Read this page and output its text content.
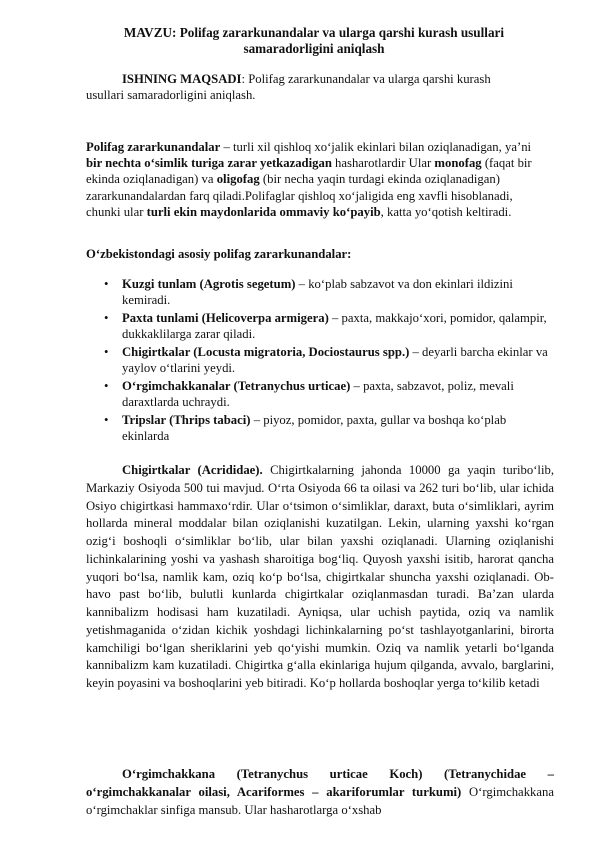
MAVZU: Polifag zararkunandalar va ularga qarshi kurash usullari
samaradorligini aniqlash
ISHNING MAQSADI: Polifag zararkunandalar va ularga qarshi kurash usullari samaradorligini aniqlash.
Polifag zararkunandalar – turli xil qishloq xo‘jalik ekinlari bilan oziqlanadigan, ya’ni bir nechta o‘simlik turiga zarar yetkazadigan hasharotlardir Ular monofag (faqat bir ekinda oziqlanadigan) va oligofag (bir necha yaqin turdagi ekinda oziqlanadigan) zararkunandalardan farq qiladi.Polifaglar qishloq xo‘jaligida eng xavfli hisoblanadi, chunki ular turli ekin maydonlarida ommaviy ko‘payib, katta yo‘qotish keltiradi.
O‘zbekistondagi asosiy polifag zararkunandalar:
• Kuzgi tunlam (Agrotis segetum) – ko‘plab sabzavot va don ekinlari ildizini kemiradi.
• Paxta tunlami (Helicoverpa armigera) – paxta, makkajo‘xori, pomidor, qalampir, dukkaklilarga zarar qiladi.
• Chigirtkalar (Locusta migratoria, Dociostaurus spp.) – deyarli barcha ekinlar va yaylov o‘tlarini yeydi.
• O‘rgimchakkanalar (Tetranychus urticae) – paxta, sabzavot, poliz, mevali daraxtlarda uchraydi.
• Tripslar (Thrips tabaci) – piyoz, pomidor, paxta, gullar va boshqa ko‘plab ekinlarda
Chigirtkalar (Acrididae). Chigirtkalarning jahonda 10000 ga yaqin turibo‘lib, Markaziy Osiyoda 500 tui mavjud. O‘rta Osiyoda 66 ta oilasi va 262 turi bo‘lib, ular ichida Osiyo chigirtkasi hammaxo‘rdir. Ular o‘tsimon o‘simliklar, daraxt, buta o‘simliklari, ayrim hollarda mineral moddalar bilan oziqlanishi kuzatilgan. Lekin, ularning yaxshi ko‘rgan ozig‘i boshoqli o‘simliklar bo‘lib, ular bilan yaxshi oziqlanadi. Ularning oziqlanishi lichinkalarining yoshi va yashash sharoitiga bog‘liq. Quyosh yaxshi isitib, harorat qancha yuqori bo‘lsa, namlik kam, oziq ko‘p bo‘lsa, chigirtkalar shuncha yaxshi oziqlanadi. Ob-havo past bo‘lib, bulutli kunlarda chigirtkalar oziqlanmasdan turadi. Ba’zan ularda kannibalizm hodisasi ham kuzatiladi. Ayniqsa, ular uchish paytida, oziq va namlik yetishmaganida o‘zidan kichik yoshdagi lichinkalarning po‘st tashlayotganlarini, birorta kamchiligi bo‘lgan sheriklarini yeb qo‘yishi mumkin. Oziq va namlik yetarli bo‘lganda kannibalizm kam kuzatiladi. Chigirtka g‘alla ekinlariga hujum qilganda, avvalo, barglarini, keyin poyasini va boshoqlarini yeb bitiradi. Ko‘p hollarda boshoqlar yerga to‘kilib ketadi
O‘rgimchakkana (Tetranychus urticae Koch) (Tetranychidae – o‘rgimchakkanalar oilasi, Acariformes – akariforumlar turkumi) O‘rgimchakkana o‘rgimchaklar sinfiga mansub. Ular hasharotlarga o‘xshab
